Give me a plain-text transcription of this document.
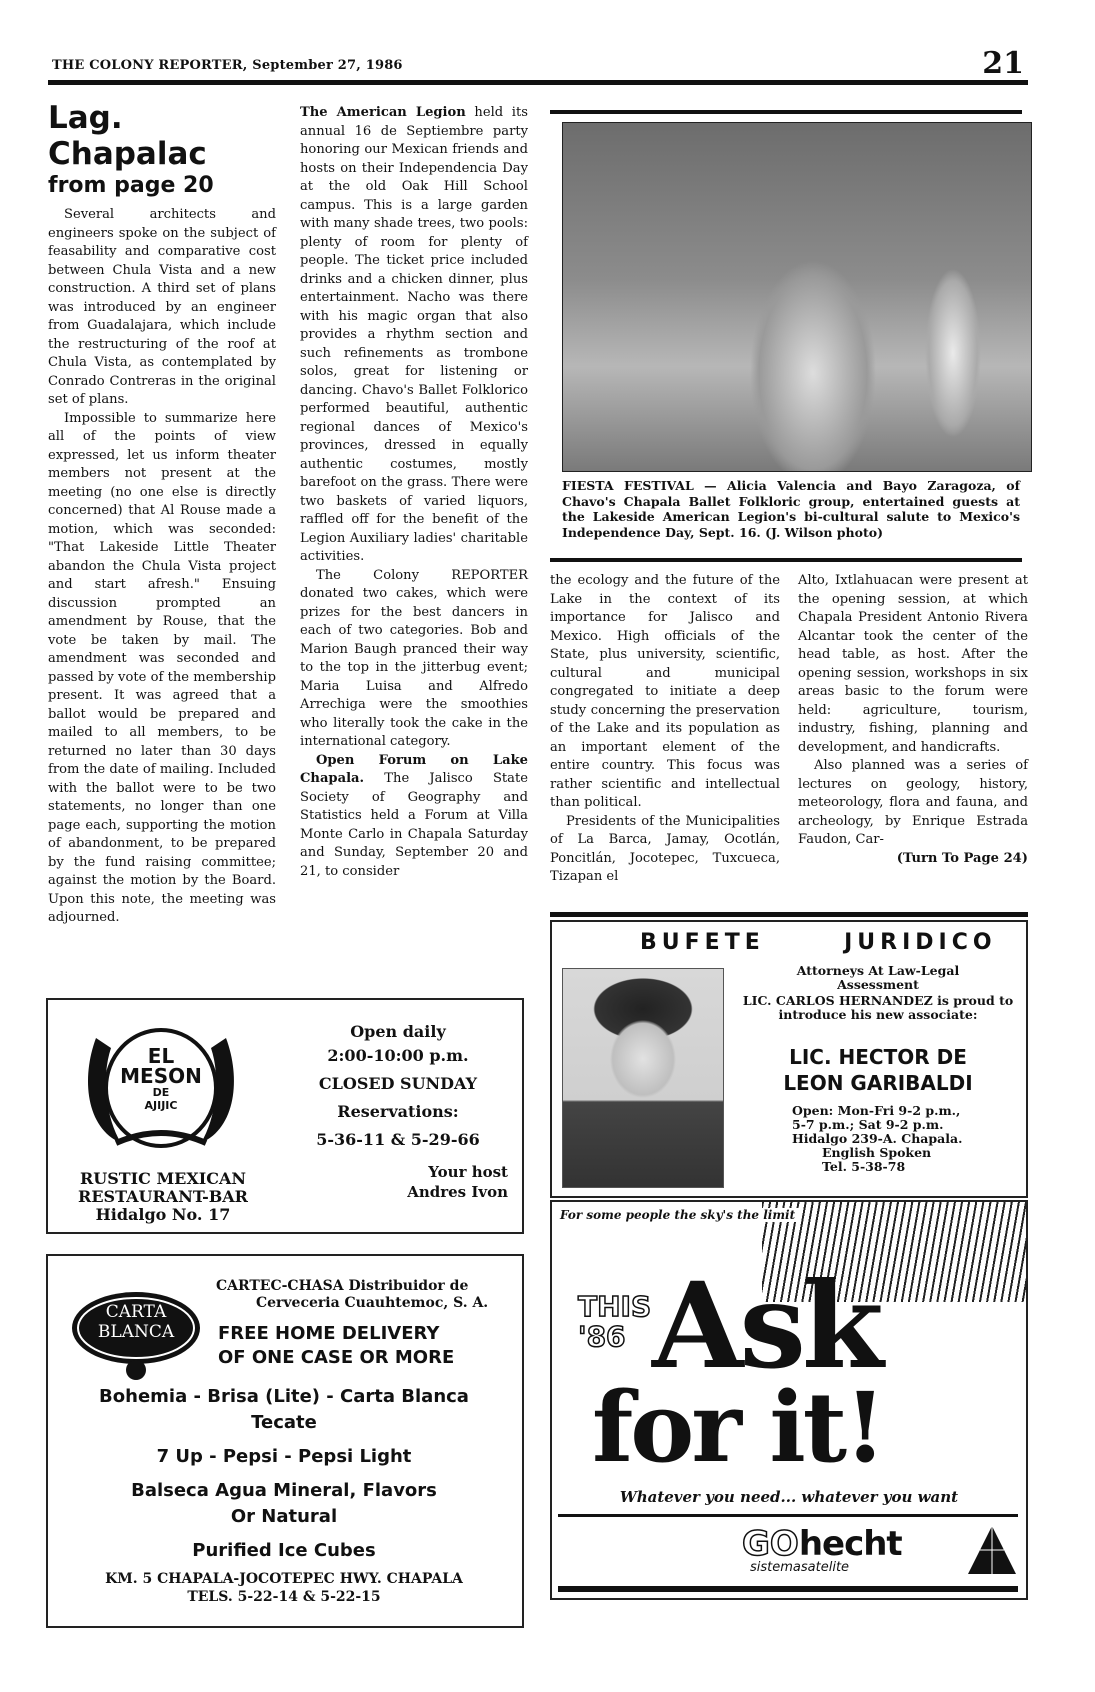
THE COLONY REPORTER, September 27, 1986	21
Lag. Chapalac
from page 20

Several architects and engineers spoke on the subject of feasability and comparative cost between Chula Vista and a new construction. A third set of plans was introduced by an engineer from Guadalajara, which include the restructuring of the roof at Chula Vista, as contemplated by Conrado Contreras in the original set of plans.

Impossible to summarize here all of the points of view expressed, let us inform theater members not present at the meeting (no one else is directly concerned) that Al Rouse made a motion, which was seconded: "That Lakeside Little Theater abandon the Chula Vista project and start afresh." Ensuing discussion prompted an amendment by Rouse, that the vote be taken by mail. The amendment was seconded and passed by vote of the membership present. It was agreed that a ballot would be prepared and mailed to all members, to be returned no later than 30 days from the date of mailing. Included with the ballot were to be two statements, no longer than one page each, supporting the motion of abandonment, to be prepared by the fund raising committee; against the motion by the Board. Upon this note, the meeting was adjourned.

The American Legion held its annual 16 de Septiembre party honoring our Mexican friends and hosts on their Independencia Day at the old Oak Hill School campus. This is a large garden with many shade trees, two pools: plenty of room for plenty of people. The ticket price included drinks and a chicken dinner, plus entertainment. Nacho was there with his magic organ that also provides a rhythm section and such refinements as trombone solos, great for listening or dancing. Chavo's Ballet Folklorico performed beautiful, authentic regional dances of Mexico's provinces, dressed in equally authentic costumes, mostly barefoot on the grass. There were two baskets of varied liquors, raffled off for the benefit of the Legion Auxiliary ladies' charitable activities.

The Colony REPORTER donated two cakes, which were prizes for the best dancers in each of two categories. Bob and Marion Baugh pranced their way to the top in the jitterbug event; Maria Luisa and Alfredo Arrechiga were the smoothies who literally took the cake in the international category.

Open Forum on Lake Chapala. The Jalisco State Society of Geography and Statistics held a Forum at Villa Monte Carlo in Chapala Saturday and Sunday, September 20 and 21, to consider

FIESTA FESTIVAL — Alicia Valencia and Bayo Zaragoza, of Chavo's Chapala Ballet Folkloric group, entertained guests at the Lakeside American Legion's bi-cultural salute to Mexico's Independence Day, Sept. 16. (J. Wilson photo)

the ecology and the future of the Lake in the context of its importance for Jalisco and Mexico. High officials of the State, plus university, scientific, cultural and municipal congregated to initiate a deep study concerning the preservation of the Lake and its population as an important element of the entire country. This focus was rather scientific and intellectual than political.

Presidents of the Municipalities of La Barca, Jamay, Ocotlán, Poncitlán, Jocotepec, Tuxcueca, Tizapan el

Alto, Ixtlahuacan were present at the opening session, at which Chapala President Antonio Rivera Alcantar took the center of the head table, as host. After the opening session, workshops in six areas basic to the forum were held: agriculture, tourism, industry, fishing, planning and development, and handicrafts.

Also planned was a series of lectures on geology, history, meteorology, flora and fauna, and archeology, by Enrique Estrada Faudon, Car-

(Turn To Page 24)
EL
MESON
DE
AJIJIC
RUSTIC MEXICAN
RESTAURANT-BAR
Hidalgo No. 17
Open daily
2:00-10:00 p.m.
CLOSED SUNDAY
Reservations:
5-36-11 & 5-29-66
Your host
Andres Ivon
BUFETE	JURIDICO
Attorneys At Law-Legal Assessment
LIC. CARLOS HERNANDEZ is proud to introduce his new associate:
LIC. HECTOR DE
LEON GARIBALDI
Open: Mon-Fri 9-2 p.m.,
5-7 p.m.; Sat 9-2 p.m.
Hidalgo 239-A. Chapala.
English Spoken
Tel. 5-38-78
CARTA
BLANCA
CARTEC-CHASA Distribuidor de Cerveceria Cuauhtemoc, S. A.
FREE HOME DELIVERY
OF ONE CASE OR MORE
Bohemia - Brisa (Lite) - Carta Blanca
Tecate
7 Up - Pepsi - Pepsi Light
Balseca Agua Mineral, Flavors
Or Natural
Purified Ice Cubes
KM. 5 CHAPALA-JOCOTEPEC HWY. CHAPALA
TELS. 5-22-14 & 5-22-15
For some people the sky's the limit
THIS
'86 Ask
for it!
Whatever you need... whatever you want
GOhecht
sistemasatelite
